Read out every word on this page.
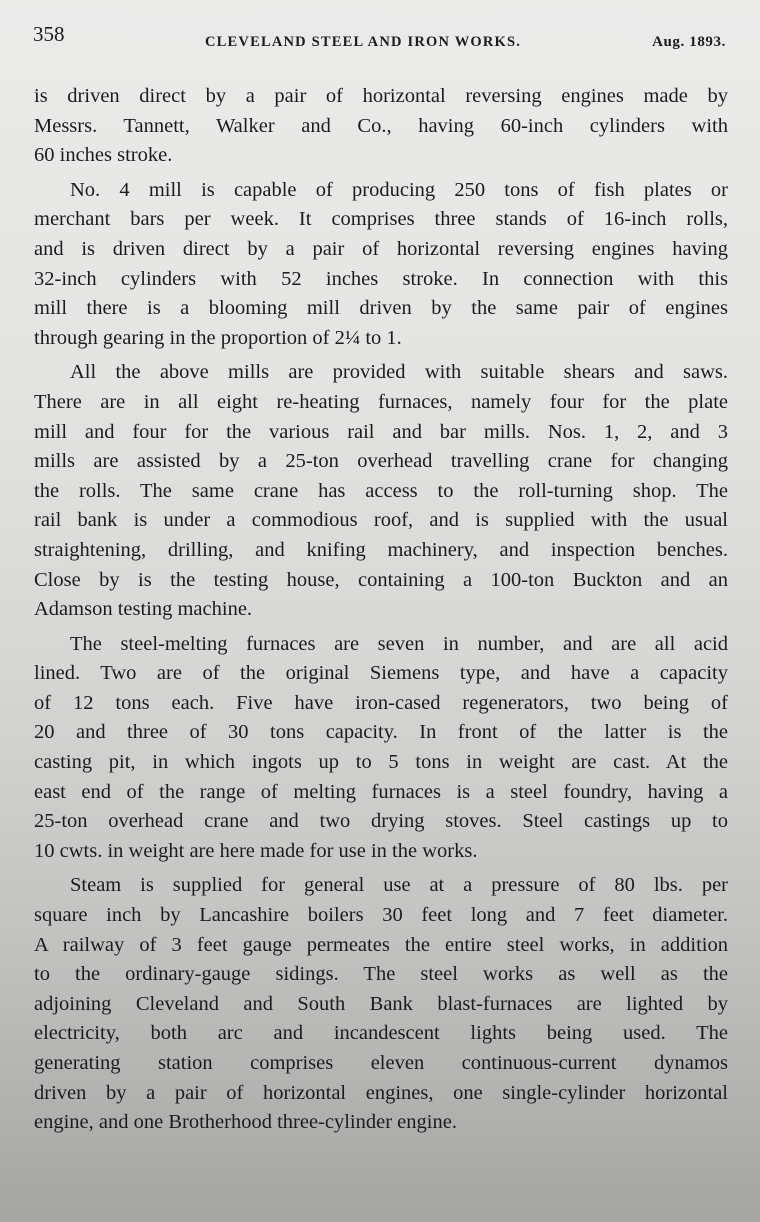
358	CLEVELAND STEEL AND IRON WORKS.	Aug. 1893.
is driven direct by a pair of horizontal reversing engines made by
Messrs. Tannett, Walker and Co., having 60-inch cylinders with
60 inches stroke.
No. 4 mill is capable of producing 250 tons of fish plates or
merchant bars per week. It comprises three stands of 16-inch rolls,
and is driven direct by a pair of horizontal reversing engines having
32-inch cylinders with 52 inches stroke. In connection with this
mill there is a blooming mill driven by the same pair of engines
through gearing in the proportion of 2¼ to 1.
All the above mills are provided with suitable shears and saws.
There are in all eight re-heating furnaces, namely four for the plate
mill and four for the various rail and bar mills. Nos. 1, 2, and 3
mills are assisted by a 25-ton overhead travelling crane for changing
the rolls. The same crane has access to the roll-turning shop. The
rail bank is under a commodious roof, and is supplied with the usual
straightening, drilling, and knifing machinery, and inspection benches.
Close by is the testing house, containing a 100-ton Buckton and an
Adamson testing machine.
The steel-melting furnaces are seven in number, and are all acid
lined. Two are of the original Siemens type, and have a capacity
of 12 tons each. Five have iron-cased regenerators, two being of
20 and three of 30 tons capacity. In front of the latter is the
casting pit, in which ingots up to 5 tons in weight are cast. At the
east end of the range of melting furnaces is a steel foundry, having a
25-ton overhead crane and two drying stoves. Steel castings up to
10 cwts. in weight are here made for use in the works.
Steam is supplied for general use at a pressure of 80 lbs. per
square inch by Lancashire boilers 30 feet long and 7 feet diameter.
A railway of 3 feet gauge permeates the entire steel works, in addition
to the ordinary-gauge sidings. The steel works as well as the
adjoining Cleveland and South Bank blast-furnaces are lighted by
electricity, both arc and incandescent lights being used. The
generating station comprises eleven continuous-current dynamos
driven by a pair of horizontal engines, one single-cylinder horizontal
engine, and one Brotherhood three-cylinder engine.
